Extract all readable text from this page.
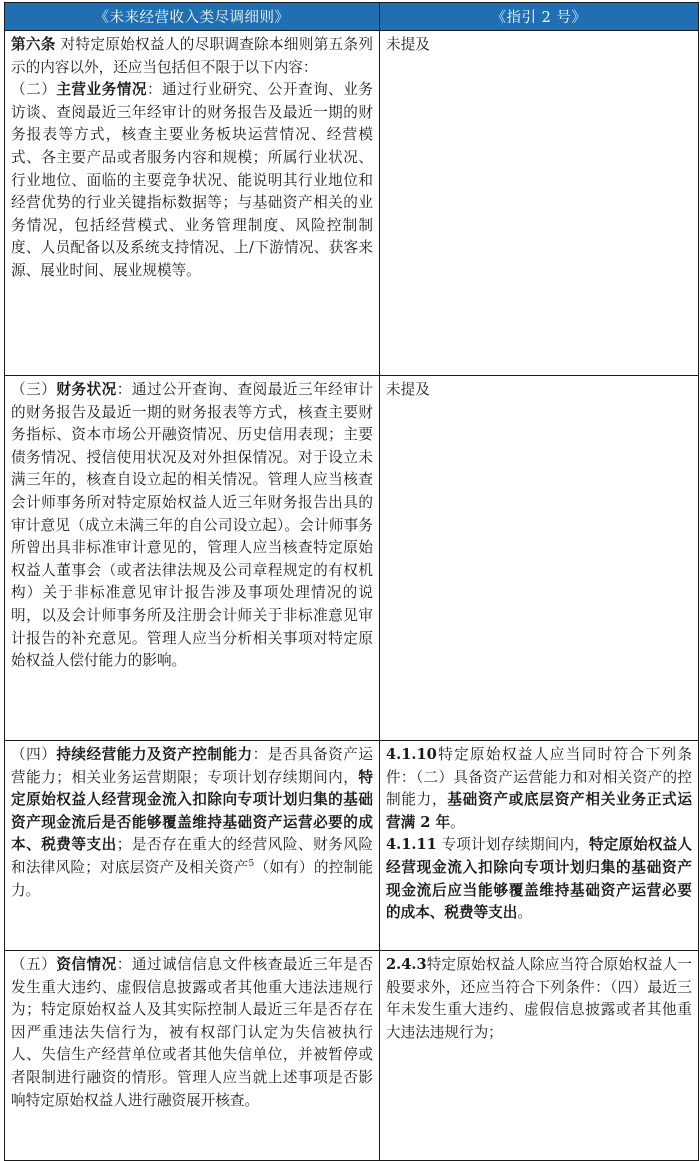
《未来经营收入类尽调细则》	《指引 2 号》

第六条 对特定原始权益人的尽职调查除本细则第五条列示的内容以外，还应当包括但不限于以下内容：
（二）主营业务情况：通过行业研究、公开查询、业务访谈、查阅最近三年经审计的财务报告及最近一期的财务报表等方式，核查主要业务板块运营情况、经营模式、各主要产品或者服务内容和规模；所属行业状况、行业地位、面临的主要竞争状况、能说明其行业地位和经营优势的行业关键指标数据等；与基础资产相关的业务情况，包括经营模式、业务管理制度、风险控制制度、人员配备以及系统支持情况、上/下游情况、获客来源、展业时间、展业规模等。	未提及
（三）财务状况：通过公开查询、查阅最近三年经审计的财务报告及最近一期的财务报表等方式，核查主要财务指标、资本市场公开融资情况、历史信用表现；主要债务情况、授信使用状况及对外担保情况。对于设立未满三年的，核查自设立起的相关情况。管理人应当核查会计师事务所对特定原始权益人近三年财务报告出具的审计意见（成立未满三年的自公司设立起）。会计师事务所曾出具非标准审计意见的，管理人应当核查特定原始权益人董事会（或者法律法规及公司章程规定的有权机构）关于非标准意见审计报告涉及事项处理情况的说明，以及会计师事务所及注册会计师关于非标准意见审计报告的补充意见。管理人应当分析相关事项对特定原始权益人偿付能力的影响。	未提及
（四）持续经营能力及资产控制能力：是否具备资产运营能力；相关业务运营期限；专项计划存续期间内，特定原始权益人经营现金流入扣除向专项计划归集的基础资产现金流后是否能够覆盖维持基础资产运营必要的成本、税费等支出；是否存在重大的经营风险、财务风险和法律风险；对底层资产及相关资产$^5$（如有）的控制能力。	4.1.10特定原始权益人应当同时符合下列条件：（二）具备资产运营能力和对相关资产的控制能力，基础资产或底层资产相关业务正式运营满 2 年。
4.1.11 专项计划存续期间内，特定原始权益人经营现金流入扣除向专项计划归集的基础资产现金流后应当能够覆盖维持基础资产运营必要的成本、税费等支出。

（五）资信情况：通过诚信信息文件核查最近三年是否发生重大违约、虚假信息披露或者其他重大违法违规行为；特定原始权益人及其实际控制人最近三年是否存在因严重违法失信行为，被有权部门认定为失信被执行人、失信生产经营单位或者其他失信单位，并被暂停或者限制进行融资的情形。管理人应当就上述事项是否影响特定原始权益人进行融资展开核查。	2.4.3特定原始权益人除应当符合原始权益人一般要求外，还应当符合下列条件：（四）最近三年未发生重大违约、虚假信息披露或者其他重大违法违规行为；
